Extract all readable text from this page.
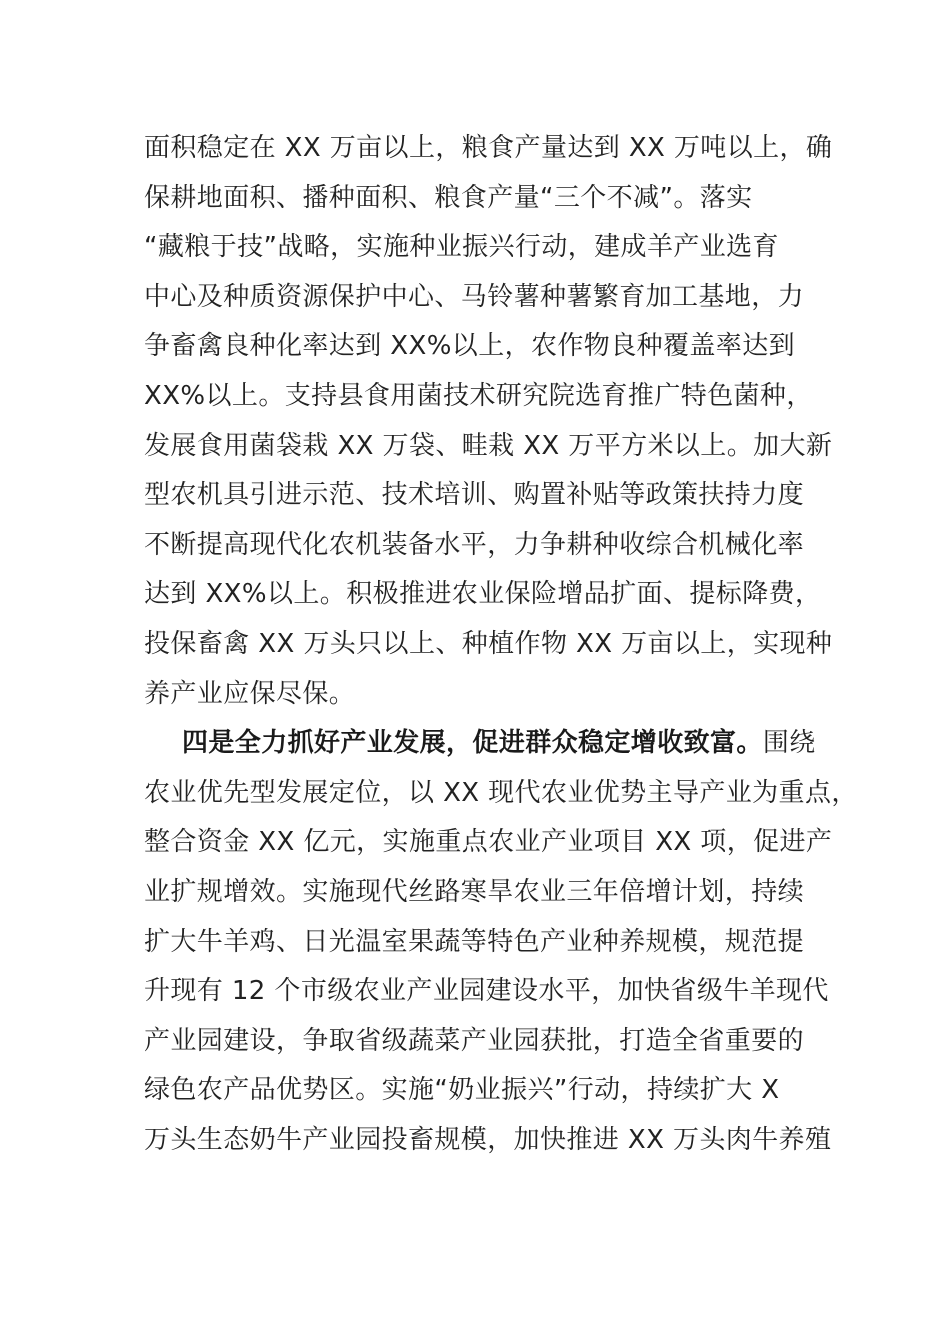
面积稳定在 XX 万亩以上，粮食产量达到 XX 万吨以上，确
保耕地面积、播种面积、粮食产量“三个不减”。落实
“藏粮于技”战略，实施种业振兴行动，建成羊产业选育
中心及种质资源保护中心、马铃薯种薯繁育加工基地，力
争畜禽良种化率达到 XX%以上，农作物良种覆盖率达到
XX%以上。支持县食用菌技术研究院选育推广特色菌种，
发展食用菌袋栽 XX 万袋、畦栽 XX 万平方米以上。加大新
型农机具引进示范、技术培训、购置补贴等政策扶持力度
不断提高现代化农机装备水平，力争耕种收综合机械化率
达到 XX%以上。积极推进农业保险增品扩面、提标降费，
投保畜禽 XX 万头只以上、种植作物 XX 万亩以上，实现种
养产业应保尽保。
四是全力抓好产业发展，促进群众稳定增收致富。围绕
农业优先型发展定位，以 XX 现代农业优势主导产业为重点，
整合资金 XX 亿元，实施重点农业产业项目 XX 项，促进产
业扩规增效。实施现代丝路寒旱农业三年倍增计划，持续
扩大牛羊鸡、日光温室果蔬等特色产业种养规模，规范提
升现有 12 个市级农业产业园建设水平，加快省级牛羊现代
产业园建设，争取省级蔬菜产业园获批，打造全省重要的
绿色农产品优势区。实施“奶业振兴”行动，持续扩大 X
万头生态奶牛产业园投畜规模，加快推进 XX 万头肉牛养殖
